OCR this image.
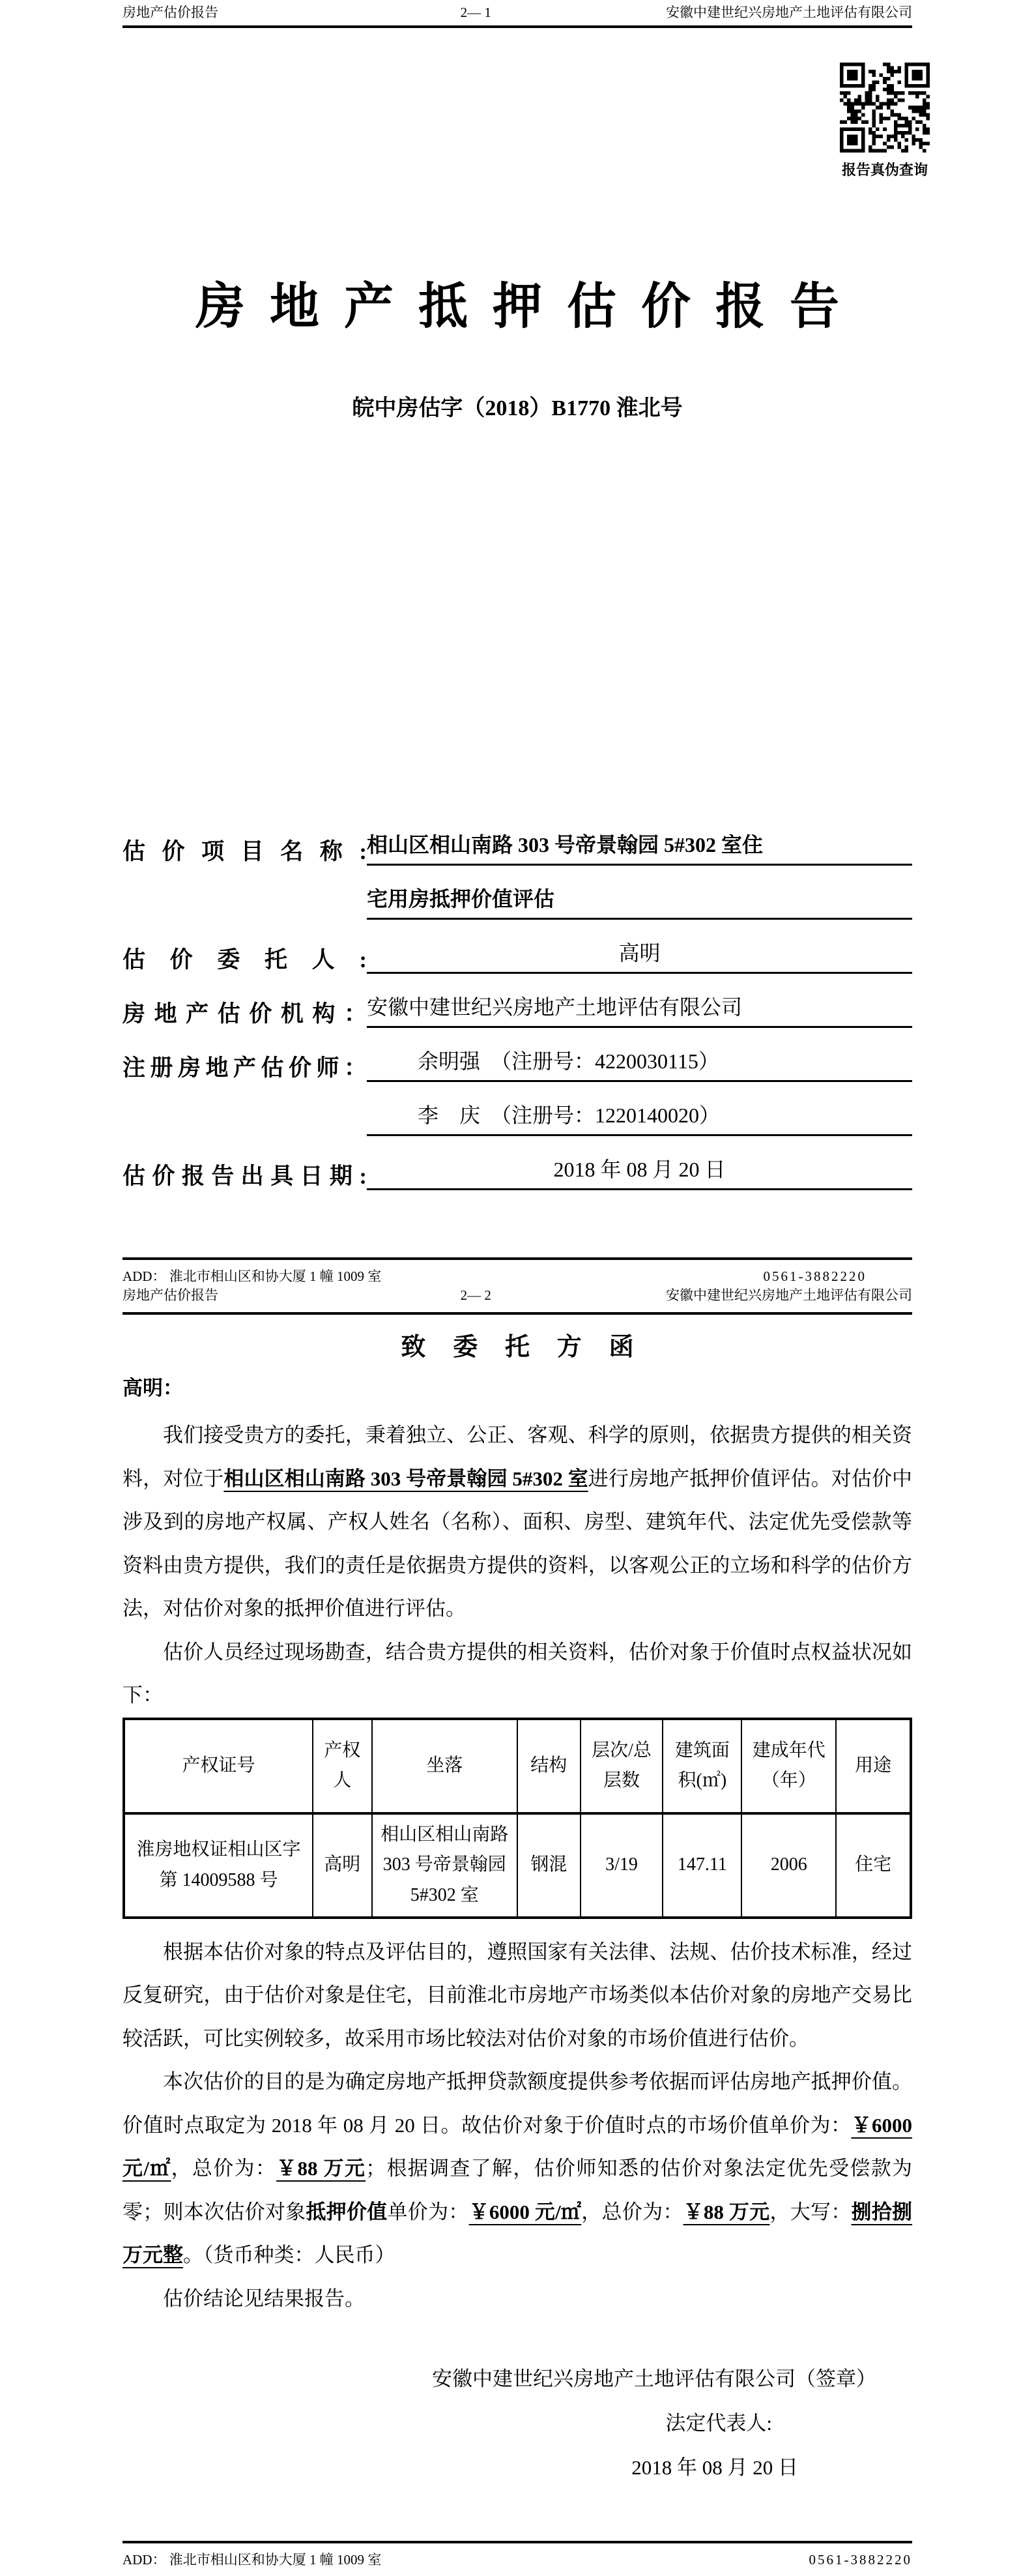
房地产估价报告	2— 1	安徽中建世纪兴房地产土地评估有限公司
报告真伪查询
房地产抵押估价报告
皖中房估字（2018）B1770 淮北号
估价项目名称: 相山区相山南路 303 号帝景翰园 5#302 室住
宅用房抵押价值评估
估价委托人:	高明
房地产估价机构： 安徽中建世纪兴房地产土地评估有限公司
注册房地产估价师：	余明强　（注册号：4220030115）
李　庆　（注册号：1220140020）
估价报告出具日期:	2018 年 08 月 20 日
ADD： 淮北市相山区和协大厦 1 幢 1009 室	0561-3882220
房地产估价报告	2— 2	安徽中建世纪兴房地产土地评估有限公司
致委托方函
高明：

我们接受贵方的委托，秉着独立、公正、客观、科学的原则，依据贵方提供的相关资料，对位于相山区相山南路 303 号帝景翰园 5#302 室进行房地产抵押价值评估。对估价中涉及到的房地产权属、产权人姓名（名称）、面积、房型、建筑年代、法定优先受偿款等资料由贵方提供，我们的责任是依据贵方提供的资料，以客观公正的立场和科学的估价方法，对估价对象的抵押价值进行评估。

估价人员经过现场勘查，结合贵方提供的相关资料，估价对象于价值时点权益状况如下：

产权证号	产权人	坐落	结构	层次/总层数	建筑面积(㎡)	建成年代（年）	用途
淮房地权证相山区字第 14009588 号	高明	相山区相山南路 303 号帝景翰园 5#302 室	钢混	3/19	147.11	2006	住宅

根据本估价对象的特点及评估目的，遵照国家有关法律、法规、估价技术标准，经过反复研究，由于估价对象是住宅，目前淮北市房地产市场类似本估价对象的房地产交易比较活跃，可比实例较多，故采用市场比较法对估价对象的市场价值进行估价。

本次估价的目的是为确定房地产抵押贷款额度提供参考依据而评估房地产抵押价值。价值时点取定为 2018 年 08 月 20 日。故估价对象于价值时点的市场价值单价为：￥6000 元/㎡，总价为：￥88 万元；根据调查了解，估价师知悉的估价对象法定优先受偿款为零；则本次估价对象抵押价值单价为：￥6000 元/㎡，总价为：￥88 万元，大写：捌拾捌万元整。（货币种类：人民币）

估价结论见结果报告。

安徽中建世纪兴房地产土地评估有限公司（签章）
法定代表人:
2018 年 08 月 20 日
ADD： 淮北市相山区和协大厦 1 幢 1009 室	0561-3882220
